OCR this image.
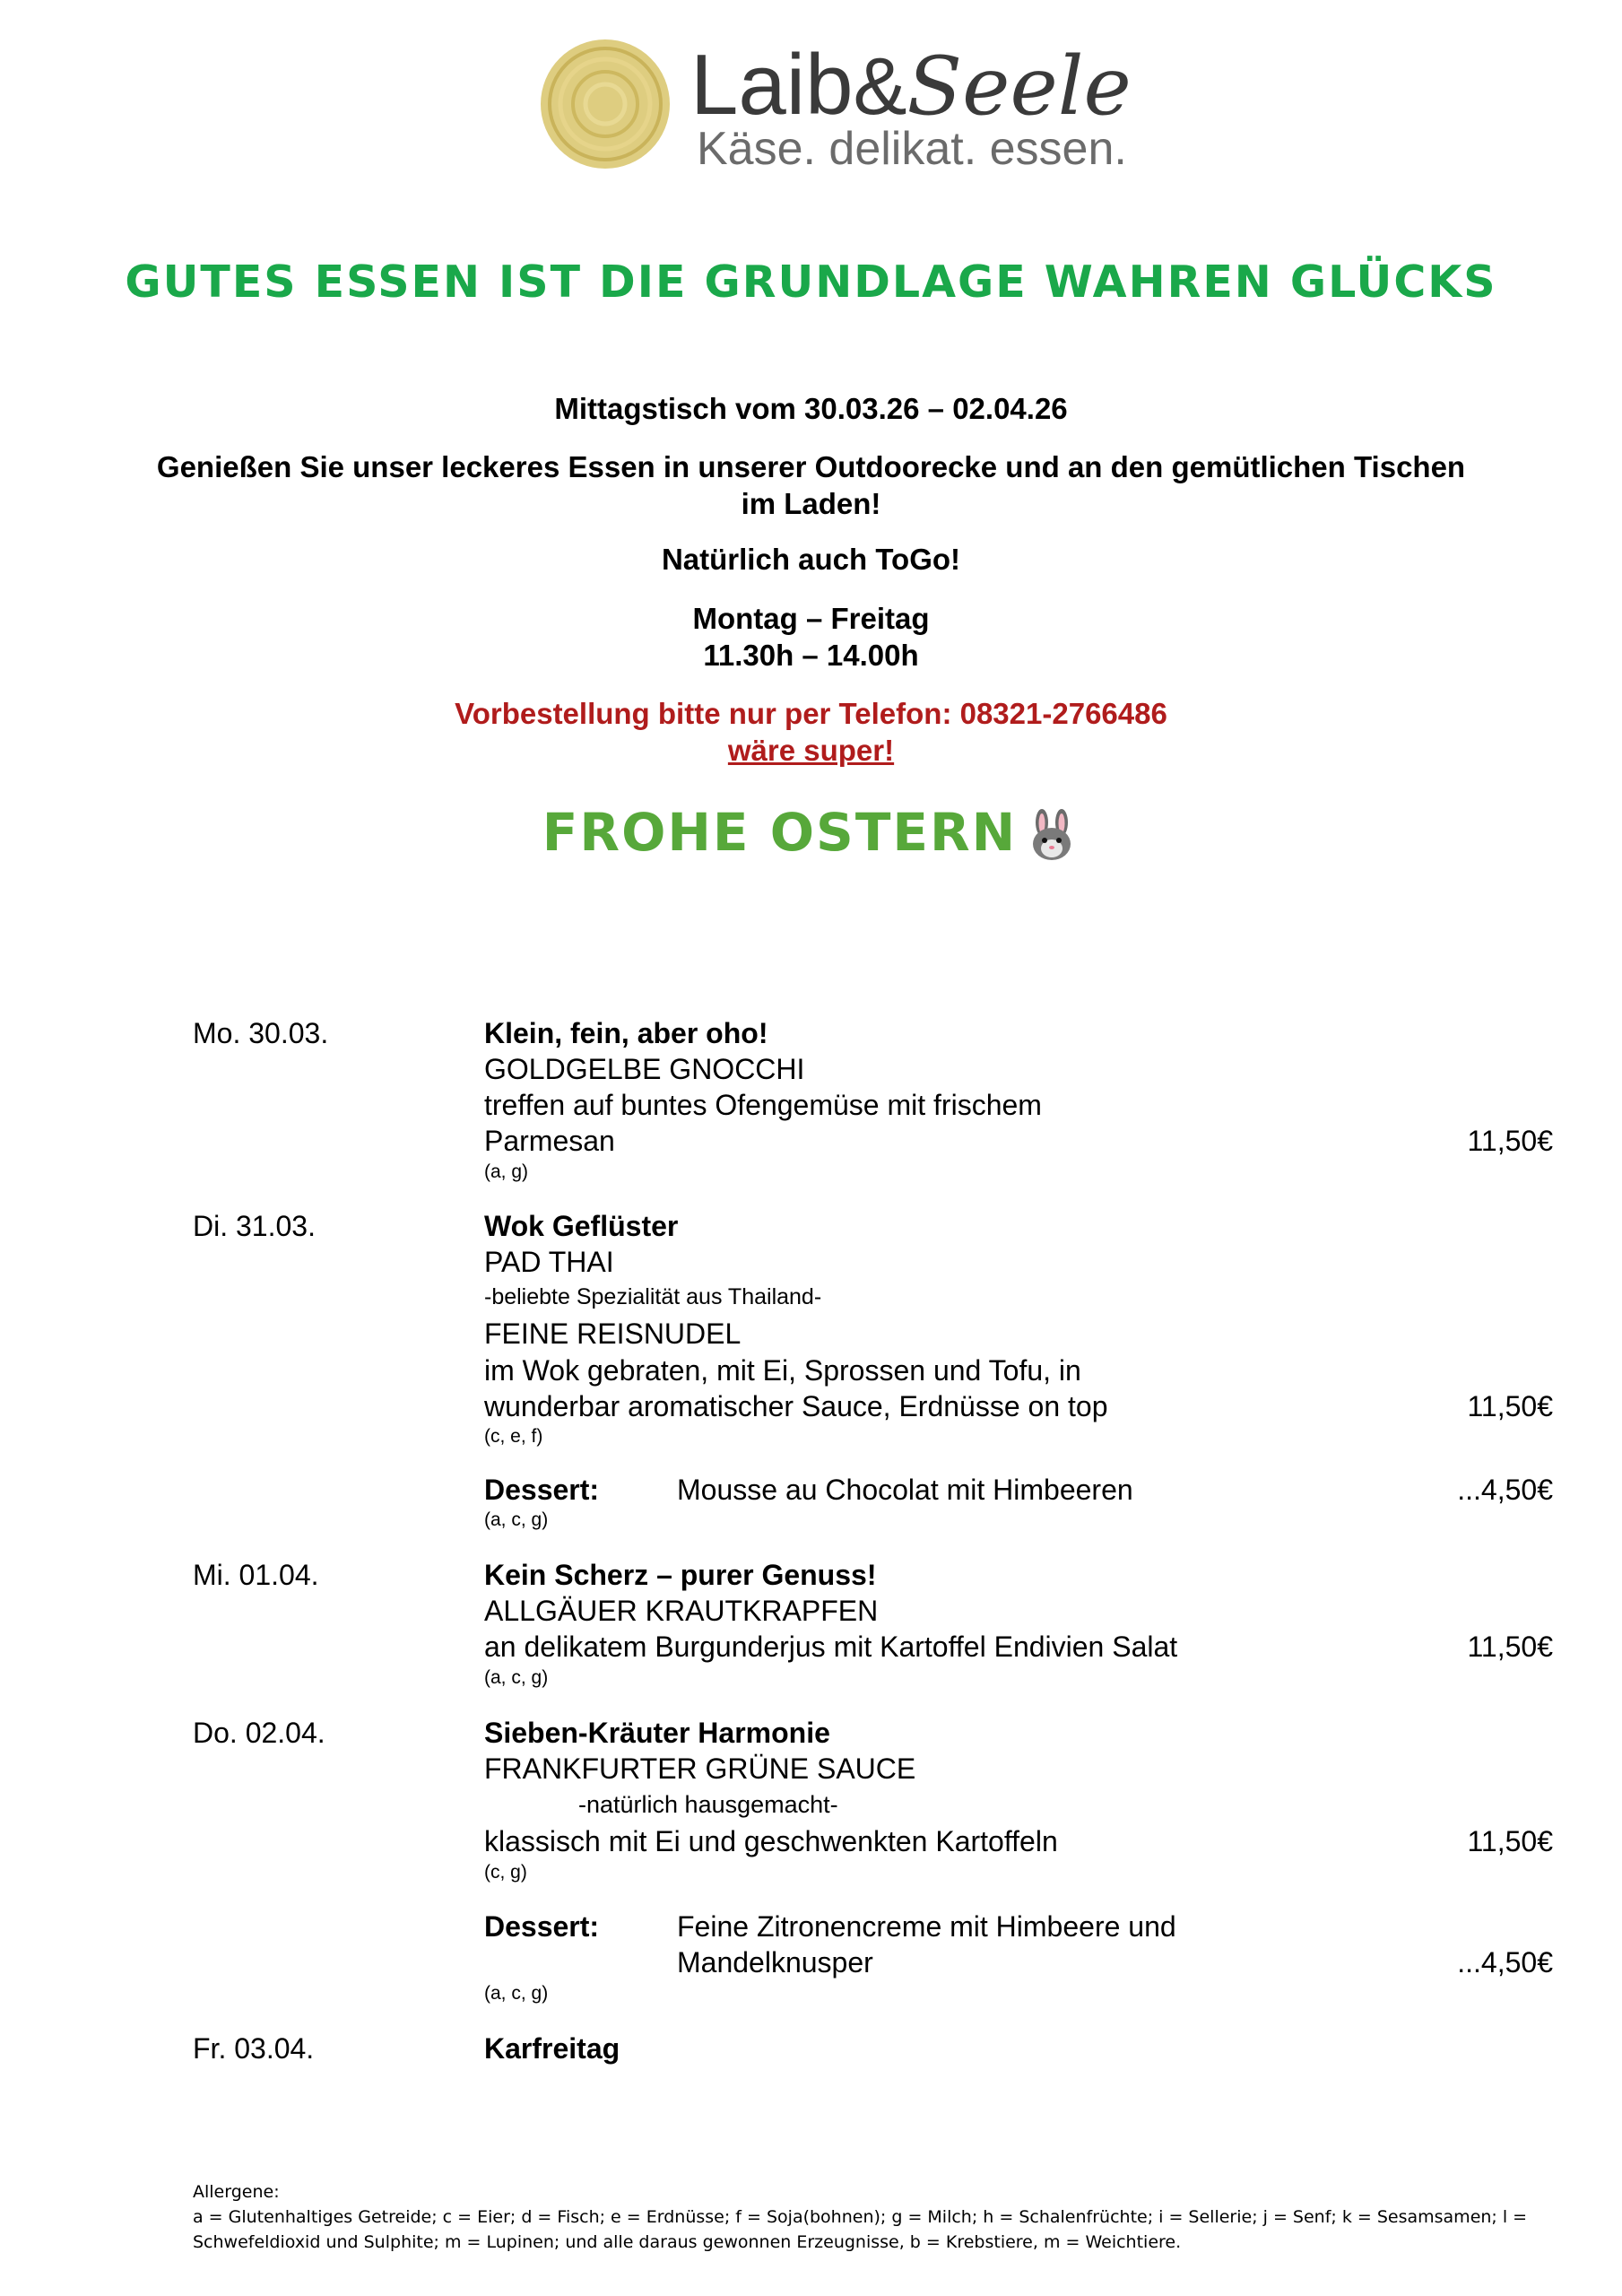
Laib&Seele
Käse. delikat. essen.
GUTES ESSEN IST DIE GRUNDLAGE WAHREN GLÜCKS
Mittagstisch vom 30.03.26 – 02.04.26
Genießen Sie unser leckeres Essen in unserer Outdoorecke und an den gemütlichen Tischen
im Laden!
Natürlich auch ToGo!
Montag – Freitag
11.30h – 14.00h
Vorbestellung bitte nur per Telefon: 08321-2766486
wäre super!
FROHE OSTERN
Mo. 30.03.	Klein, fein, aber oho!
GOLDGELBE GNOCCHI
treffen auf buntes Ofengemüse mit frischem
Parmesan	11,50€
(a, g)
Di. 31.03.	Wok Geflüster
PAD THAI
-beliebte Spezialität aus Thailand-
FEINE REISNUDEL
im Wok gebraten, mit Ei, Sprossen und Tofu, in
wunderbar aromatischer Sauce, Erdnüsse on top	11,50€
(c, e, f)
Dessert:	Mousse au Chocolat mit Himbeeren	...4,50€
(a, c, g)
Mi. 01.04.	Kein Scherz – purer Genuss!
ALLGÄUER KRAUTKRAPFEN
an delikatem Burgunderjus mit Kartoffel Endivien Salat	11,50€
(a, c, g)
Do. 02.04.	Sieben-Kräuter Harmonie
FRANKFURTER GRÜNE SAUCE
-natürlich hausgemacht-
klassisch mit Ei und geschwenkten Kartoffeln	11,50€
(c, g)
Dessert:	Feine Zitronencreme mit Himbeere und
Mandelknusper	...4,50€
(a, c, g)
Fr. 03.04.	Karfreitag
Allergene:
a = Glutenhaltiges Getreide; c = Eier; d = Fisch; e = Erdnüsse; f = Soja(bohnen); g = Milch; h = Schalenfrüchte; i = Sellerie; j = Senf; k = Sesamsamen; l =
Schwefeldioxid und Sulphite; m = Lupinen; und alle daraus gewonnen Erzeugnisse, b = Krebstiere, m = Weichtiere.
